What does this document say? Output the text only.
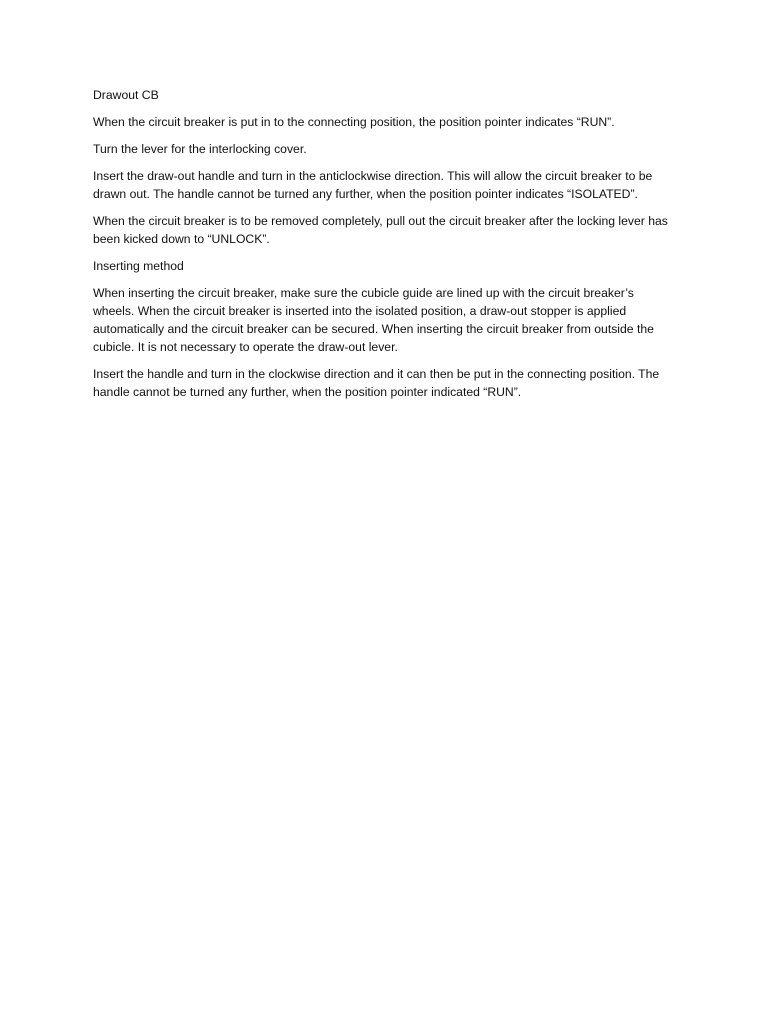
Drawout CB

When the circuit breaker is put in to the connecting position, the position pointer indicates “RUN”.

Turn the lever for the interlocking cover.

Insert the draw-out handle and turn in the anticlockwise direction. This will allow the circuit breaker to be drawn out. The handle cannot be turned any further, when the position pointer indicates “ISOLATED”.

When the circuit breaker is to be removed completely, pull out the circuit breaker after the locking lever has been kicked down to “UNLOCK”.

Inserting method

When inserting the circuit breaker, make sure the cubicle guide are lined up with the circuit breaker’s wheels. When the circuit breaker is inserted into the isolated position, a draw-out stopper is applied automatically and the circuit breaker can be secured. When inserting the circuit breaker from outside the cubicle. It is not necessary to operate the draw-out lever.

Insert the handle and turn in the clockwise direction and it can then be put in the connecting position. The handle cannot be turned any further, when the position pointer indicated “RUN”.
